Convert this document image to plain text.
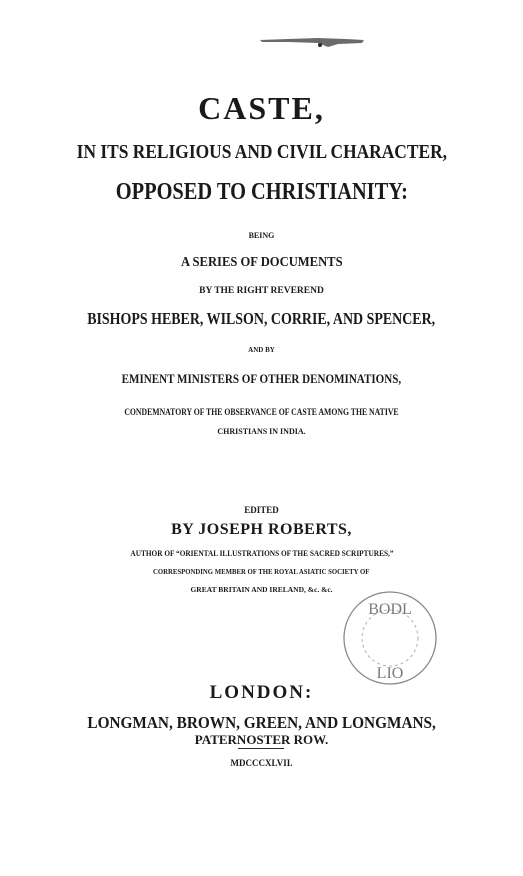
CASTE,
IN ITS RELIGIOUS AND CIVIL CHARACTER,
OPPOSED TO CHRISTIANITY:
BEING
A SERIES OF DOCUMENTS
BY THE RIGHT REVEREND
BISHOPS HEBER, WILSON, CORRIE, AND SPENCER,
AND BY
EMINENT MINISTERS OF OTHER DENOMINATIONS,
CONDEMNATORY OF THE OBSERVANCE OF CASTE AMONG THE NATIVE
CHRISTIANS IN INDIA.
EDITED
BY JOSEPH ROBERTS,
AUTHOR OF “ORIENTAL ILLUSTRATIONS OF THE SACRED SCRIPTURES,”
CORRESPONDING MEMBER OF THE ROYAL ASIATIC SOCIETY OF
GREAT BRITAIN AND IRELAND, &c. &c.
BODL
LIO
LONDON:
LONGMAN, BROWN, GREEN, AND LONGMANS,
PATERNOSTER ROW.
MDCCCXLVII.
